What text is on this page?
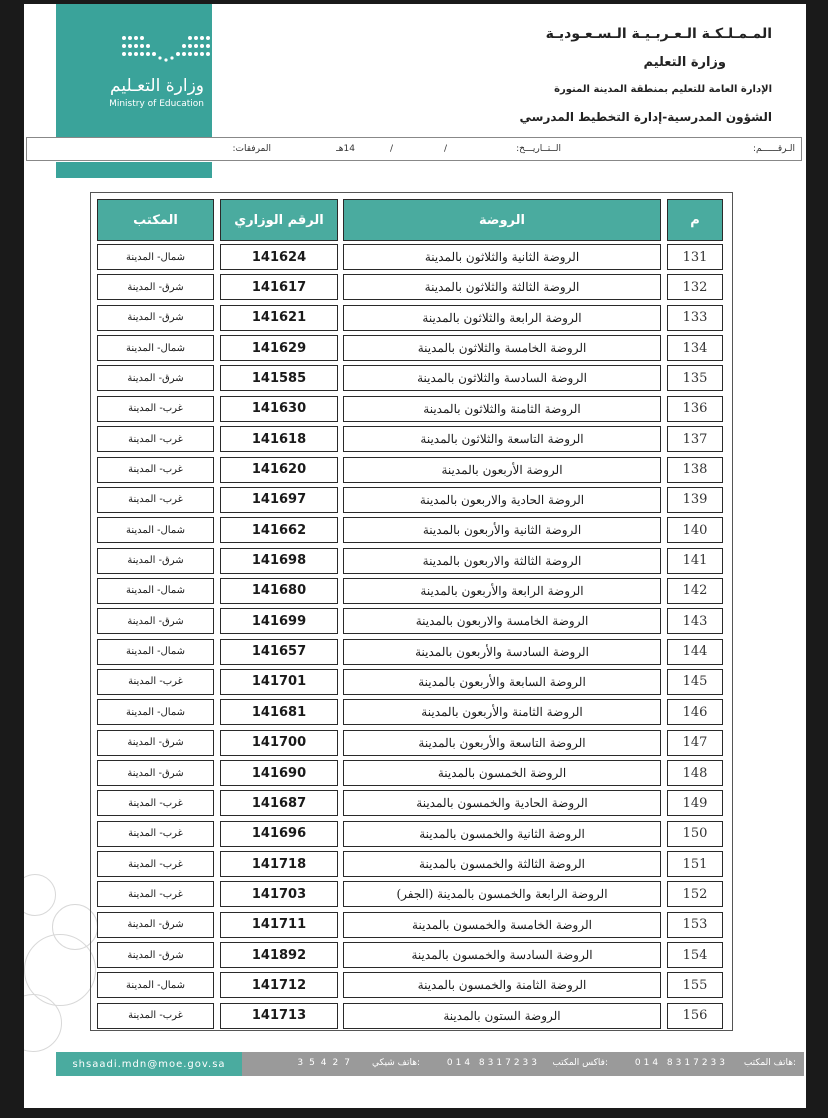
وزارة التعـليم
Ministry of Education
المـمـلـكـة الـعـربـيـة الـسـعـوديـة
وزارة التعليم
الإدارة العامة للتعليم بمنطقة المدينة المنورة
الشؤون المدرسية-إدارة التخطيط المدرسي
الـرقــــــم:
الــتــاريـــخ:
/
/
14هـ
المرفقات:
م
الروضة
الرقم الوزاري
المكتب
131
الروضة الثانية والثلاثون بالمدينة
141624
شمال- المدينة
132
الروضة الثالثة والثلاثون بالمدينة
141617
شرق- المدينة
133
الروضة الرابعة والثلاثون بالمدينة
141621
شرق- المدينة
134
الروضة الخامسة والثلاثون بالمدينة
141629
شمال- المدينة
135
الروضة السادسة والثلاثون بالمدينة
141585
شرق- المدينة
136
الروضة الثامنة والثلاثون بالمدينة
141630
غرب- المدينة
137
الروضة التاسعة والثلاثون بالمدينة
141618
غرب- المدينة
138
الروضة الأربعون بالمدينة
141620
غرب- المدينة
139
الروضة الحادية والاربعون بالمدينة
141697
غرب- المدينة
140
الروضة الثانية والأربعون بالمدينة
141662
شمال- المدينة
141
الروضة الثالثة والاربعون بالمدينة
141698
شرق- المدينة
142
الروضة الرابعة والأربعون بالمدينة
141680
شمال- المدينة
143
الروضة الخامسة والاربعون بالمدينة
141699
شرق- المدينة
144
الروضة السادسة والأربعون بالمدينة
141657
شمال- المدينة
145
الروضة السابعة والأربعون بالمدينة
141701
غرب- المدينة
146
الروضة الثامنة والأربعون بالمدينة
141681
شمال- المدينة
147
الروضة التاسعة والأربعون بالمدينة
141700
شرق- المدينة
148
الروضة الخمسون بالمدينة
141690
شرق- المدينة
149
الروضة الحادية والخمسون بالمدينة
141687
غرب- المدينة
150
الروضة الثانية والخمسون بالمدينة
141696
غرب- المدينة
151
الروضة الثالثة والخمسون بالمدينة
141718
غرب- المدينة
152
الروضة الرابعة والخمسون بالمدينة (الجفر)
141703
غرب- المدينة
153
الروضة الخامسة والخمسون بالمدينة
141711
شرق- المدينة
154
الروضة السادسة والخمسون بالمدينة
141892
شرق- المدينة
155
الروضة الثامنة والخمسون بالمدينة
141712
شمال- المدينة
156
الروضة الستون بالمدينة
141713
غرب- المدينة
shsaadi.mdn@moe.gov.sa	هاتف المكتب:
014 8317233
فاكس المكتب:
014 8317233
هاتف شيكي:
35427
